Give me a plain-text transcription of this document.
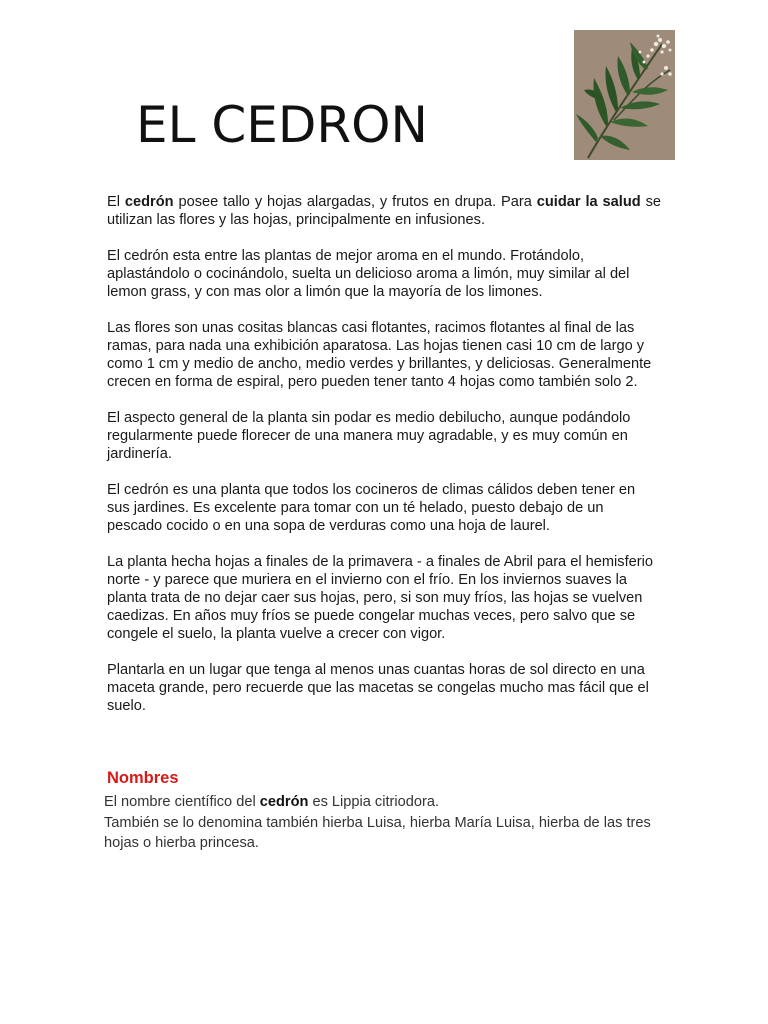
EL CEDRON

El cedrón posee tallo y hojas alargadas, y frutos en drupa. Para cuidar la salud se utilizan las flores y las hojas, principalmente en infusiones.

El cedrón esta entre las plantas de mejor aroma en el mundo. Frotándolo, aplastándolo o cocinándolo, suelta un delicioso aroma a limón, muy similar al del lemon grass, y con mas olor a limón que la mayoría de los limones.

Las flores son unas cositas blancas casi flotantes, racimos flotantes al final de las ramas, para nada una exhibición aparatosa. Las hojas tienen casi 10 cm de largo y como 1 cm y medio de ancho, medio verdes y brillantes, y deliciosas. Generalmente crecen en forma de espiral, pero pueden tener tanto 4 hojas como también solo 2.

El aspecto general de la planta sin podar es medio debilucho, aunque podándolo regularmente puede florecer de una manera muy agradable, y es muy común en jardinería.

El cedrón es una planta que todos los cocineros de climas cálidos deben tener en sus jardines. Es excelente para tomar con un té helado, puesto debajo de un pescado cocido o en una sopa de verduras como una hoja de laurel.

La planta hecha hojas a finales de la primavera - a finales de Abril para el hemisferio norte - y parece que muriera en el invierno con el frío. En los inviernos suaves la planta trata de no dejar caer sus hojas, pero, si son muy fríos, las hojas se vuelven caedizas. En años muy fríos se puede congelar muchas veces, pero salvo que se congele el suelo, la planta vuelve a crecer con vigor.

Plantarla en un lugar que tenga al menos unas cuantas horas de sol directo en una maceta grande, pero recuerde que las macetas se congelas mucho mas fácil que el suelo.

Nombres

El nombre científico del cedrón es Lippia citriodora.

También se lo denomina también hierba Luisa, hierba María Luisa, hierba de las tres hojas o hierba princesa.
